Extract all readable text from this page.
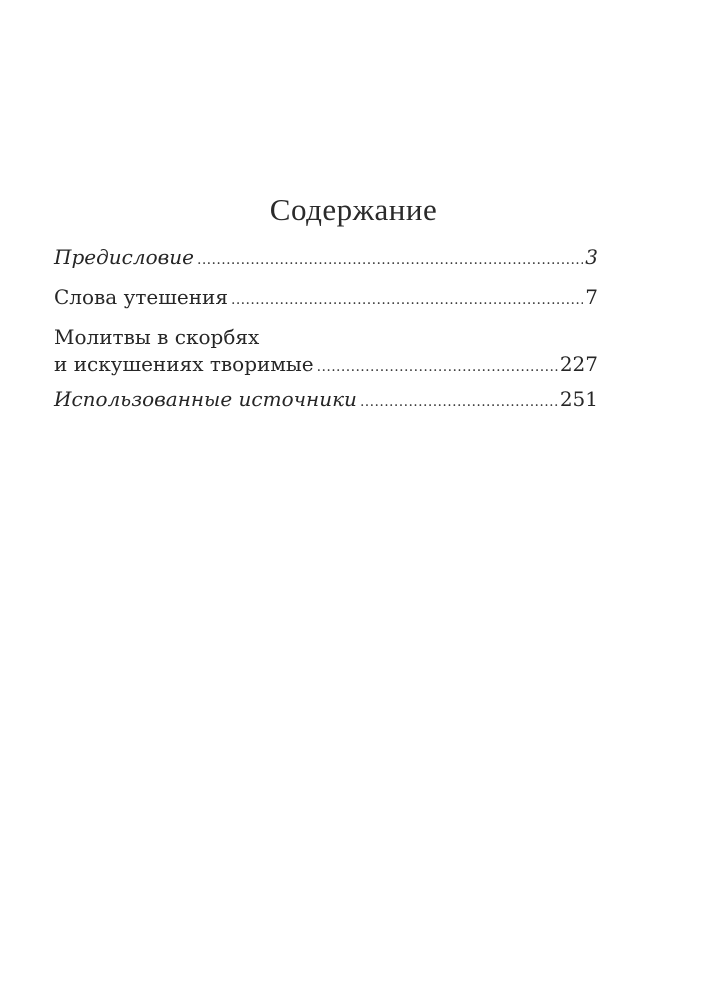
Содержание
Предисловие .....	3
Слова утешения .....	7
Молитвы в скорбях
и искушениях творимые .....	227
Использованные источники .....	251
